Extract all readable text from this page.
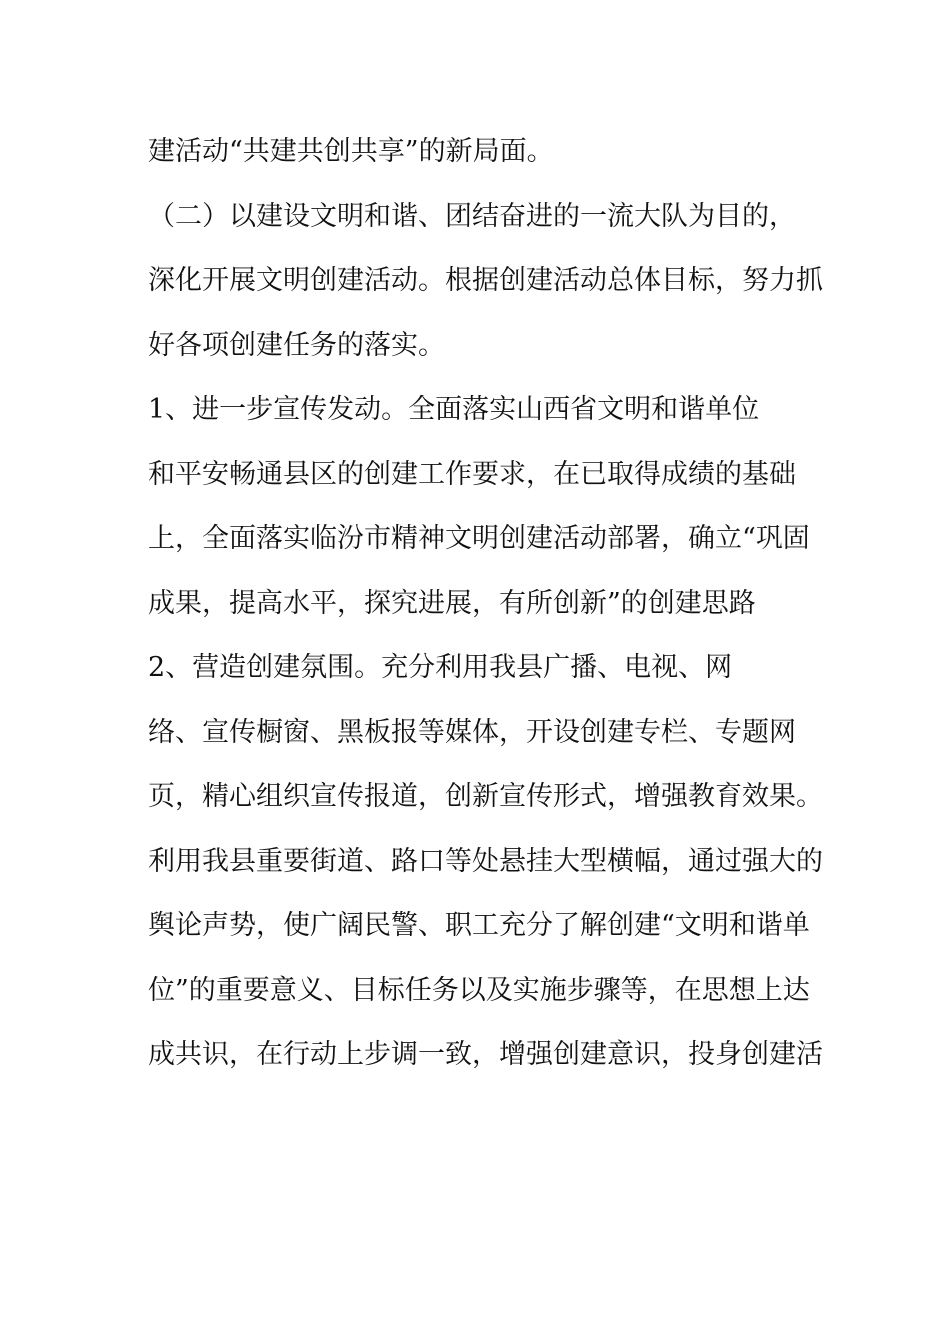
建活动“共建共创共享”的新局面。
（二）以建设文明和谐、团结奋进的一流大队为目的，
深化开展文明创建活动。根据创建活动总体目标，努力抓
好各项创建任务的落实。
1、进一步宣传发动。全面落实山西省文明和谐单位
和平安畅通县区的创建工作要求，在已取得成绩的基础
上，全面落实临汾市精神文明创建活动部署，确立“巩固
成果，提高水平，探究进展，有所创新”的创建思路
2、营造创建氛围。充分利用我县广播、电视、网
络、宣传橱窗、黑板报等媒体，开设创建专栏、专题网
页，精心组织宣传报道，创新宣传形式，增强教育效果。
利用我县重要街道、路口等处悬挂大型横幅，通过强大的
舆论声势，使广阔民警、职工充分了解创建“文明和谐单
位”的重要意义、目标任务以及实施步骤等，在思想上达
成共识，在行动上步调一致，增强创建意识，投身创建活
